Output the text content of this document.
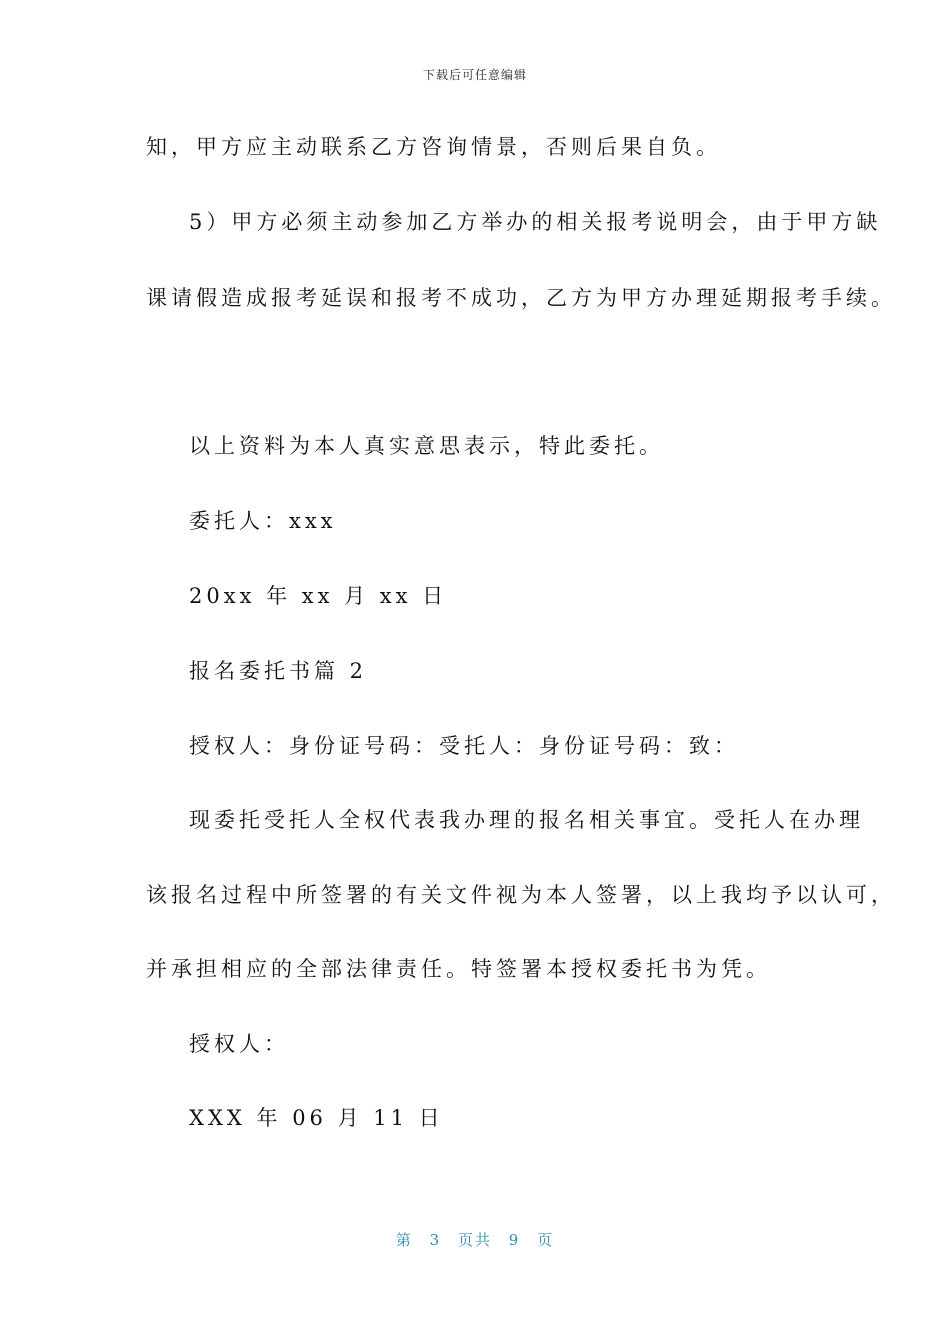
下载后可任意编辑
知，甲方应主动联系乙方咨询情景，否则后果自负。
5）甲方必须主动参加乙方举办的相关报考说明会，由于甲方缺
课请假造成报考延误和报考不成功，乙方为甲方办理延期报考手续。
以上资料为本人真实意思表示，特此委托。
委托人：xxx
20xx 年 xx 月 xx 日
报名委托书篇 2
授权人：身份证号码：受托人：身份证号码：致：
现委托受托人全权代表我办理的报名相关事宜。受托人在办理
该报名过程中所签署的有关文件视为本人签署，以上我均予以认可，
并承担相应的全部法律责任。特签署本授权委托书为凭。
授权人：
XXX 年 06 月 11 日
第 3 页共 9 页
